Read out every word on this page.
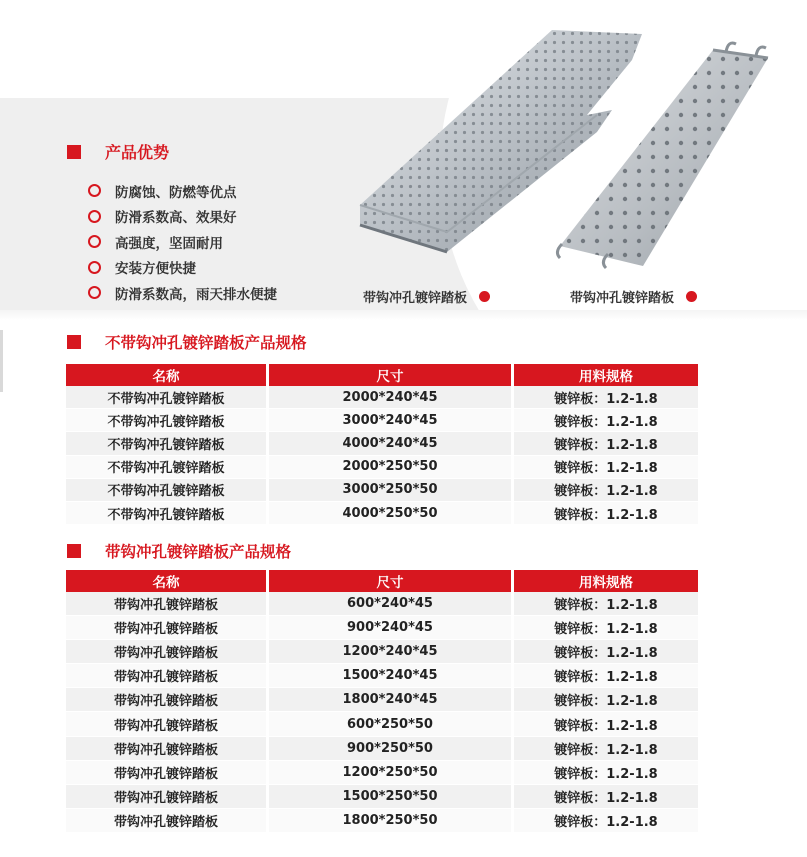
产品优势
防腐蚀、防燃等优点
防滑系数高、效果好
高强度，坚固耐用
安装方便快捷
防滑系数高，雨天排水便捷	带钩冲孔镀锌踏板	带钩冲孔镀锌踏板
不带钩冲孔镀锌踏板产品规格
名称	尺寸	用料规格
不带钩冲孔镀锌踏板	2000*240*45	镀锌板：1.2-1.8
不带钩冲孔镀锌踏板	3000*240*45	镀锌板：1.2-1.8
不带钩冲孔镀锌踏板	4000*240*45	镀锌板：1.2-1.8
不带钩冲孔镀锌踏板	2000*250*50	镀锌板：1.2-1.8
不带钩冲孔镀锌踏板	3000*250*50	镀锌板：1.2-1.8
不带钩冲孔镀锌踏板	4000*250*50	镀锌板：1.2-1.8
带钩冲孔镀锌踏板产品规格
名称	尺寸	用料规格
带钩冲孔镀锌踏板	600*240*45	镀锌板：1.2-1.8
带钩冲孔镀锌踏板	900*240*45	镀锌板：1.2-1.8
带钩冲孔镀锌踏板	1200*240*45	镀锌板：1.2-1.8
带钩冲孔镀锌踏板	1500*240*45	镀锌板：1.2-1.8
带钩冲孔镀锌踏板	1800*240*45	镀锌板：1.2-1.8
带钩冲孔镀锌踏板	600*250*50	镀锌板：1.2-1.8
带钩冲孔镀锌踏板	900*250*50	镀锌板：1.2-1.8
带钩冲孔镀锌踏板	1200*250*50	镀锌板：1.2-1.8
带钩冲孔镀锌踏板	1500*250*50	镀锌板：1.2-1.8
带钩冲孔镀锌踏板	1800*250*50	镀锌板：1.2-1.8
